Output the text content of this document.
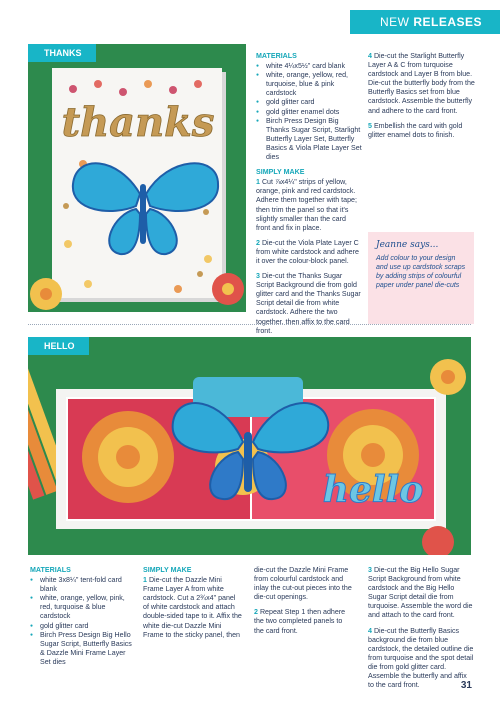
NEW RELEASES
thanks
THANKS	MATERIALS
● white 4¼x5½" card blank
● white, orange, yellow, red, turquoise, blue & pink cardstock
● gold glitter card
● gold glitter enamel dots
● Birch Press Design Big Thanks Sugar Script, Starlight Butterfly Layer Set, Butterfly Basics & Viola Plate Layer Set dies
SIMPLY MAKE

1 Cut ⅞x4¼" strips of yellow, orange, pink and red cardstock. Adhere them together with tape; then trim the panel so that it's slightly smaller than the card front and fix in place.

2 Die-cut the Viola Plate Layer C from white cardstock and adhere it over the colour-block panel.

3 Die-cut the Thanks Sugar Script Background die from gold glitter card and the Thanks Sugar Script detail die from white cardstock. Adhere the two together, then affix to the card front.

4 Die-cut the Starlight Butterfly Layer A & C from turquoise cardstock and Layer B from blue. Die-cut the butterfly body from the Butterfly Basics set from blue cardstock. Assemble the butterfly and adhere to the card front.

5 Embellish the card with gold glitter enamel dots to finish.

Jeanne says...
Add colour to your design and use up cardstock scraps by adding strips of colourful paper under panel die-cuts
hello
HELLO
MATERIALS
● white 3x8¼" tent-fold card blank
● white, orange, yellow, pink, red, turquoise & blue cardstock
● gold glitter card
● Birch Press Design Big Hello Sugar Script, Butterfly Basics & Dazzle Mini Frame Layer Set dies
SIMPLY MAKE

1 Die-cut the Dazzle Mini Frame Layer A from white cardstock. Cut a 2¾x4" panel of white cardstock and attach double-sided tape to it. Affix the white die-cut Dazzle Mini Frame to the sticky panel, then die-cut the Dazzle Mini Frame from colourful cardstock and inlay the cut-out pieces into the die-cut openings.

2 Repeat Step 1 then adhere the two completed panels to the card front.

3 Die-cut the Big Hello Sugar Script Background from white cardstock and the Big Hello Sugar Script detail die from turquoise. Assemble the word die and attach to the card front.

4 Die-cut the Butterfly Basics background die from blue cardstock, the detailed outline die from turquoise and the spot detail die from gold glitter card. Assemble the butterfly and affix to the card front.	31
